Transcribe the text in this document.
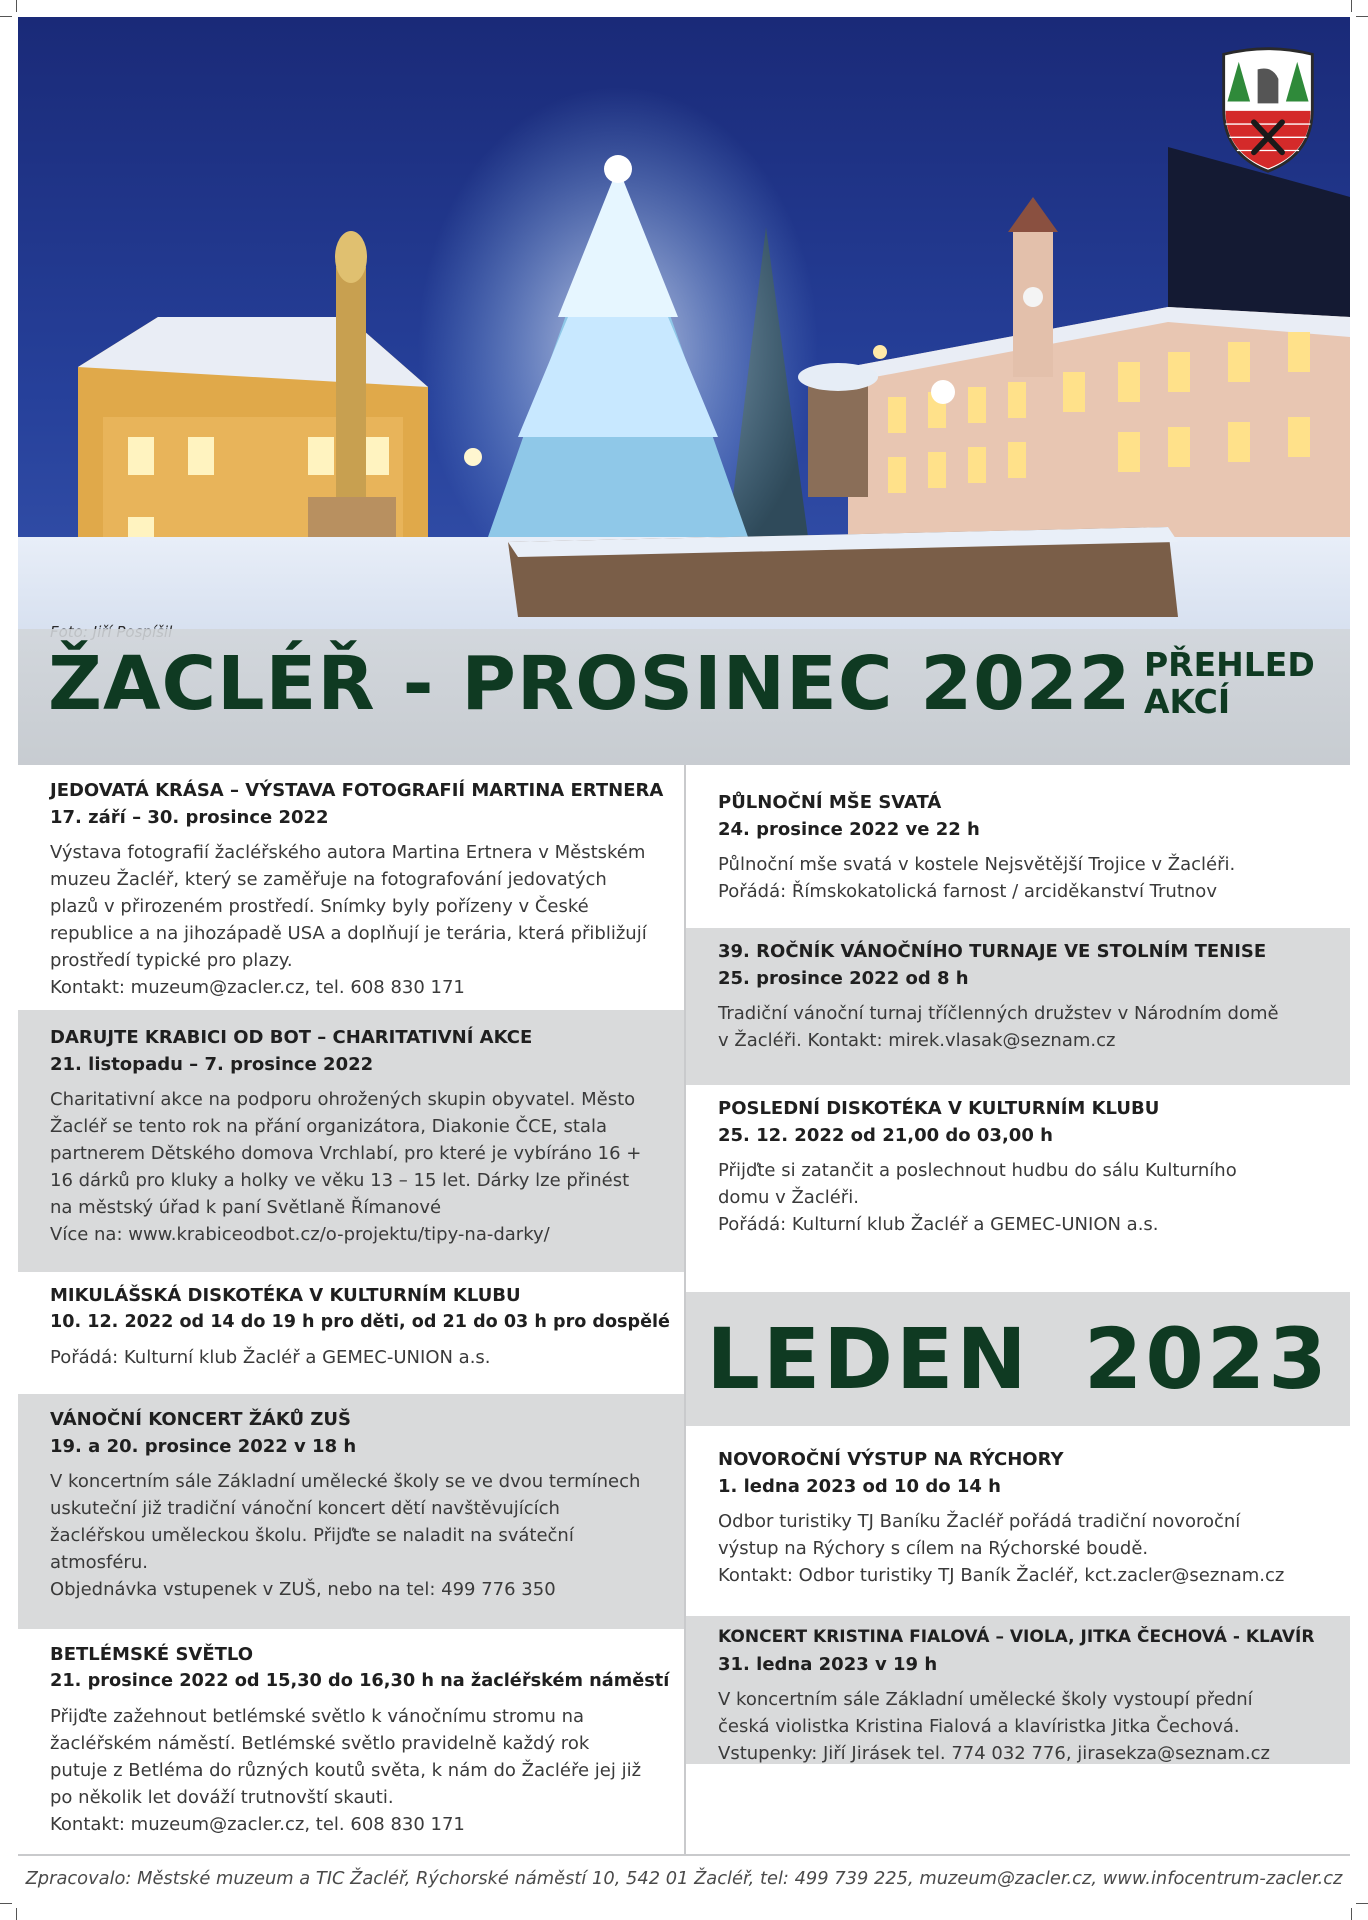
ŽACLÉŘ - PROSINEC 2022 PŘEHLED
AKCÍ
JEDOVATÁ KRÁSA – VÝSTAVA FOTOGRAFIÍ MARTINA ERTNERA
17. září – 30. prosince 2022

Výstava fotografií žacléřského autora Martina Ertnera v Městském

muzeu Žacléř, který se zaměřuje na fotografování jedovatých

plazů v přirozeném prostředí. Snímky byly pořízeny v České

republice a na jihozápadě USA a doplňují je terária, která přibližují

prostředí typické pro plazy.

Kontakt: muzeum@zacler.cz, tel. 608 830 171

DARUJTE KRABICI OD BOT – CHARITATIVNÍ AKCE
21. listopadu – 7. prosince 2022

Charitativní akce na podporu ohrožených skupin obyvatel. Město

Žacléř se tento rok na přání organizátora, Diakonie ČCE, stala

partnerem Dětského domova Vrchlabí, pro které je vybíráno 16 +

16 dárků pro kluky a holky ve věku 13 – 15 let. Dárky lze přinést

na městský úřad k paní Světlaně Římanové

Více na: www.krabiceodbot.cz/o-projektu/tipy-na-darky/

MIKULÁŠSKÁ DISKOTÉKA V KULTURNÍM KLUBU
10. 12. 2022 od 14 do 19 h pro děti, od 21 do 03 h pro dospělé

Pořádá: Kulturní klub Žacléř a GEMEC-UNION a.s.

VÁNOČNÍ KONCERT ŽÁKŮ ZUŠ
19. a 20. prosince 2022 v 18 h

V koncertním sále Základní umělecké školy se ve dvou termínech

uskuteční již tradiční vánoční koncert dětí navštěvujících

žacléřskou uměleckou školu. Přijďte se naladit na sváteční

atmosféru.

Objednávka vstupenek v ZUŠ, nebo na tel: 499 776 350

BETLÉMSKÉ SVĚTLO
21. prosince 2022 od 15,30 do 16,30 h na žacléřském náměstí

Přijďte zažehnout betlémské světlo k vánočnímu stromu na

žacléřském náměstí. Betlémské světlo pravidelně každý rok

putuje z Betléma do různých koutů světa, k nám do Žacléře jej již

po několik let dováží trutnovští skauti.

Kontakt: muzeum@zacler.cz, tel. 608 830 171

PŮLNOČNÍ MŠE SVATÁ
24. prosince 2022 ve 22 h

Půlnoční mše svatá v kostele Nejsvětější Trojice v Žacléři.

Pořádá: Římskokatolická farnost / arciděkanství Trutnov

39. ROČNÍK VÁNOČNÍHO TURNAJE VE STOLNÍM TENISE
25. prosince 2022 od 8 h

Tradiční vánoční turnaj tříčlenných družstev v Národním domě

v Žacléři. Kontakt: mirek.vlasak@seznam.cz

POSLEDNÍ DISKOTÉKA V KULTURNÍM KLUBU
25. 12. 2022 od 21,00 do 03,00 h

Přijďte si zatančit a poslechnout hudbu do sálu Kulturního

domu v Žacléři.

Pořádá: Kulturní klub Žacléř a GEMEC-UNION a.s.

LEDEN 2023
NOVOROČNÍ VÝSTUP NA RÝCHORY
1. ledna 2023 od 10 do 14 h

Odbor turistiky TJ Baníku Žacléř pořádá tradiční novoroční

výstup na Rýchory s cílem na Rýchorské boudě.

Kontakt: Odbor turistiky TJ Baník Žacléř, kct.zacler@seznam.cz

KONCERT KRISTINA FIALOVÁ – VIOLA, JITKA ČECHOVÁ - KLAVÍR
31. ledna 2023 v 19 h

V koncertním sále Základní umělecké školy vystoupí přední

česká violistka Kristina Fialová a klavíristka Jitka Čechová.

Vstupenky: Jiří Jirásek tel. 774 032 776, jirasekza@seznam.cz

Zpracovalo: Městské muzeum a TIC Žacléř, Rýchorské náměstí 10, 542 01 Žacléř, tel: 499 739 225, muzeum@zacler.cz, www.infocentrum-zacler.cz
